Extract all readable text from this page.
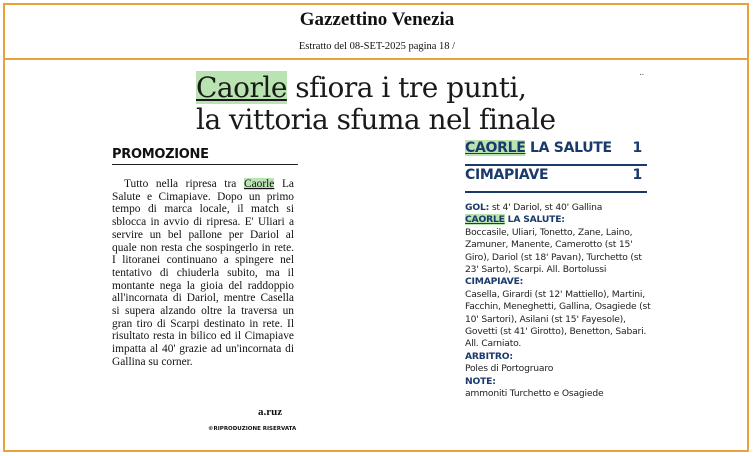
Gazzettino Venezia
Estratto del 08-SET-2025 pagina 18 /
..
Caorle sfiora i tre punti,
la vittoria sfuma nel finale
PROMOZIONE
Tutto nella ripresa tra Caorle La Salute e Cimapiave. Dopo un primo tempo di marca locale, il match si sblocca in avvio di ripresa. E' Uliari a servire un bel pallone per Dariol al quale non resta che sospingerlo in rete. I litoranei continuano a spingere nel tentativo di chiuderla subito, ma il montante nega la gioia del raddoppio all'incornata di Dariol, mentre Casella si supera alzando oltre la traversa un gran tiro di Scarpi destinato in rete. Il risultato resta in bilico ed il Cimapiave impatta al 40' grazie ad un'incornata di Gallina su corner.
a.ruz
©RIPRODUZIONE RISERVATA
CAORLE LA SALUTE 1
CIMAPIAVE	1
GOL: st 4' Dariol, st 40' Gallina
CAORLE LA SALUTE:
Boccasile, Uliari, Tonetto, Zane, Laino, Zamuner, Manente, Camerotto (st 15' Giro), Dariol (st 18' Pavan), Turchetto (st 23' Sarto), Scarpi. All. Bortolussi
CIMAPIAVE:
Casella, Girardi (st 12' Mattiello), Martini, Facchin, Meneghetti, Gallina, Osagiede (st 10' Sartori), Asilani (st 15' Fayesole), Govetti (st 41' Girotto), Benetton, Sabari. All. Carniato.
ARBITRO:
Poles di Portogruaro
NOTE:
ammoniti Turchetto e Osagiede
